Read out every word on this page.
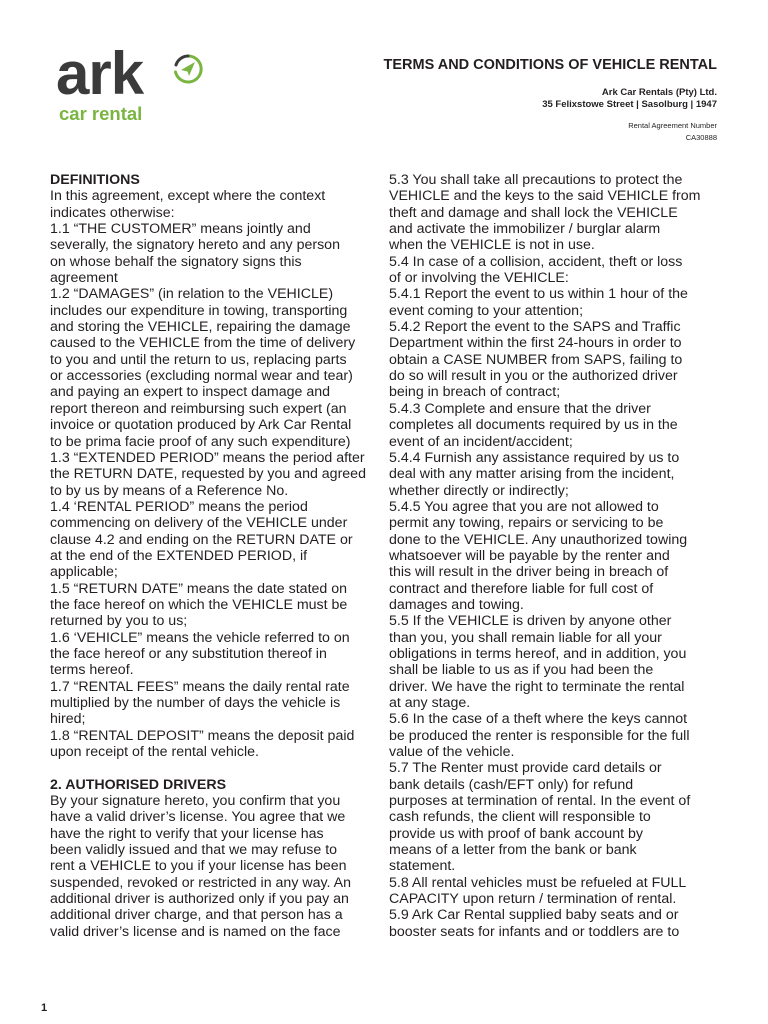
ark
car rental
TERMS AND CONDITIONS OF VEHICLE RENTAL
Ark Car Rentals (Pty) Ltd.
35 Felixstowe Street | Sasolburg | 1947
Rental Agreement Number
CA30888
DEFINITIONS
In this agreement, except where the context
indicates otherwise:
1.1 “THE CUSTOMER” means jointly and
severally, the signatory hereto and any person
on whose behalf the signatory signs this
agreement
1.2 “DAMAGES” (in relation to the VEHICLE)
includes our expenditure in towing, transporting
and storing the VEHICLE, repairing the damage
caused to the VEHICLE from the time of delivery
to you and until the return to us, replacing parts
or accessories (excluding normal wear and tear)
and paying an expert to inspect damage and
report thereon and reimbursing such expert (an
invoice or quotation produced by Ark Car Rental
to be prima facie proof of any such expenditure)
1.3 “EXTENDED PERIOD” means the period after
the RETURN DATE, requested by you and agreed
to by us by means of a Reference No.
1.4 ‘RENTAL PERIOD” means the period
commencing on delivery of the VEHICLE under
clause 4.2 and ending on the RETURN DATE or
at the end of the EXTENDED PERIOD, if
applicable;
1.5 “RETURN DATE” means the date stated on
the face hereof on which the VEHICLE must be
returned by you to us;
1.6 ‘VEHICLE” means the vehicle referred to on
the face hereof or any substitution thereof in
terms hereof.
1.7 “RENTAL FEES” means the daily rental rate
multiplied by the number of days the vehicle is
hired;
1.8 “RENTAL DEPOSIT” means the deposit paid
upon receipt of the rental vehicle.
2. AUTHORISED DRIVERS
By your signature hereto, you confirm that you
have a valid driver’s license. You agree that we
have the right to verify that your license has
been validly issued and that we may refuse to
rent a VEHICLE to you if your license has been
suspended, revoked or restricted in any way. An
additional driver is authorized only if you pay an
additional driver charge, and that person has a
valid driver’s license and is named on the face
5.3 You shall take all precautions to protect the
VEHICLE and the keys to the said VEHICLE from
theft and damage and shall lock the VEHICLE
and activate the immobilizer / burglar alarm
when the VEHICLE is not in use.
5.4 In case of a collision, accident, theft or loss
of or involving the VEHICLE:
5.4.1 Report the event to us within 1 hour of the
event coming to your attention;
5.4.2 Report the event to the SAPS and Traffic
Department within the first 24-hours in order to
obtain a CASE NUMBER from SAPS, failing to
do so will result in you or the authorized driver
being in breach of contract;
5.4.3 Complete and ensure that the driver
completes all documents required by us in the
event of an incident/accident;
5.4.4 Furnish any assistance required by us to
deal with any matter arising from the incident,
whether directly or indirectly;
5.4.5 You agree that you are not allowed to
permit any towing, repairs or servicing to be
done to the VEHICLE. Any unauthorized towing
whatsoever will be payable by the renter and
this will result in the driver being in breach of
contract and therefore liable for full cost of
damages and towing.
5.5 If the VEHICLE is driven by anyone other
than you, you shall remain liable for all your
obligations in terms hereof, and in addition, you
shall be liable to us as if you had been the
driver. We have the right to terminate the rental
at any stage.
5.6 In the case of a theft where the keys cannot
be produced the renter is responsible for the full
value of the vehicle.
5.7 The Renter must provide card details or
bank details (cash/EFT only) for refund
purposes at termination of rental. In the event of
cash refunds, the client will responsible to
provide us with proof of bank account by
means of a letter from the bank or bank
statement.
5.8 All rental vehicles must be refueled at FULL
CAPACITY upon return / termination of rental.
5.9 Ark Car Rental supplied baby seats and or
booster seats for infants and or toddlers are to
1
